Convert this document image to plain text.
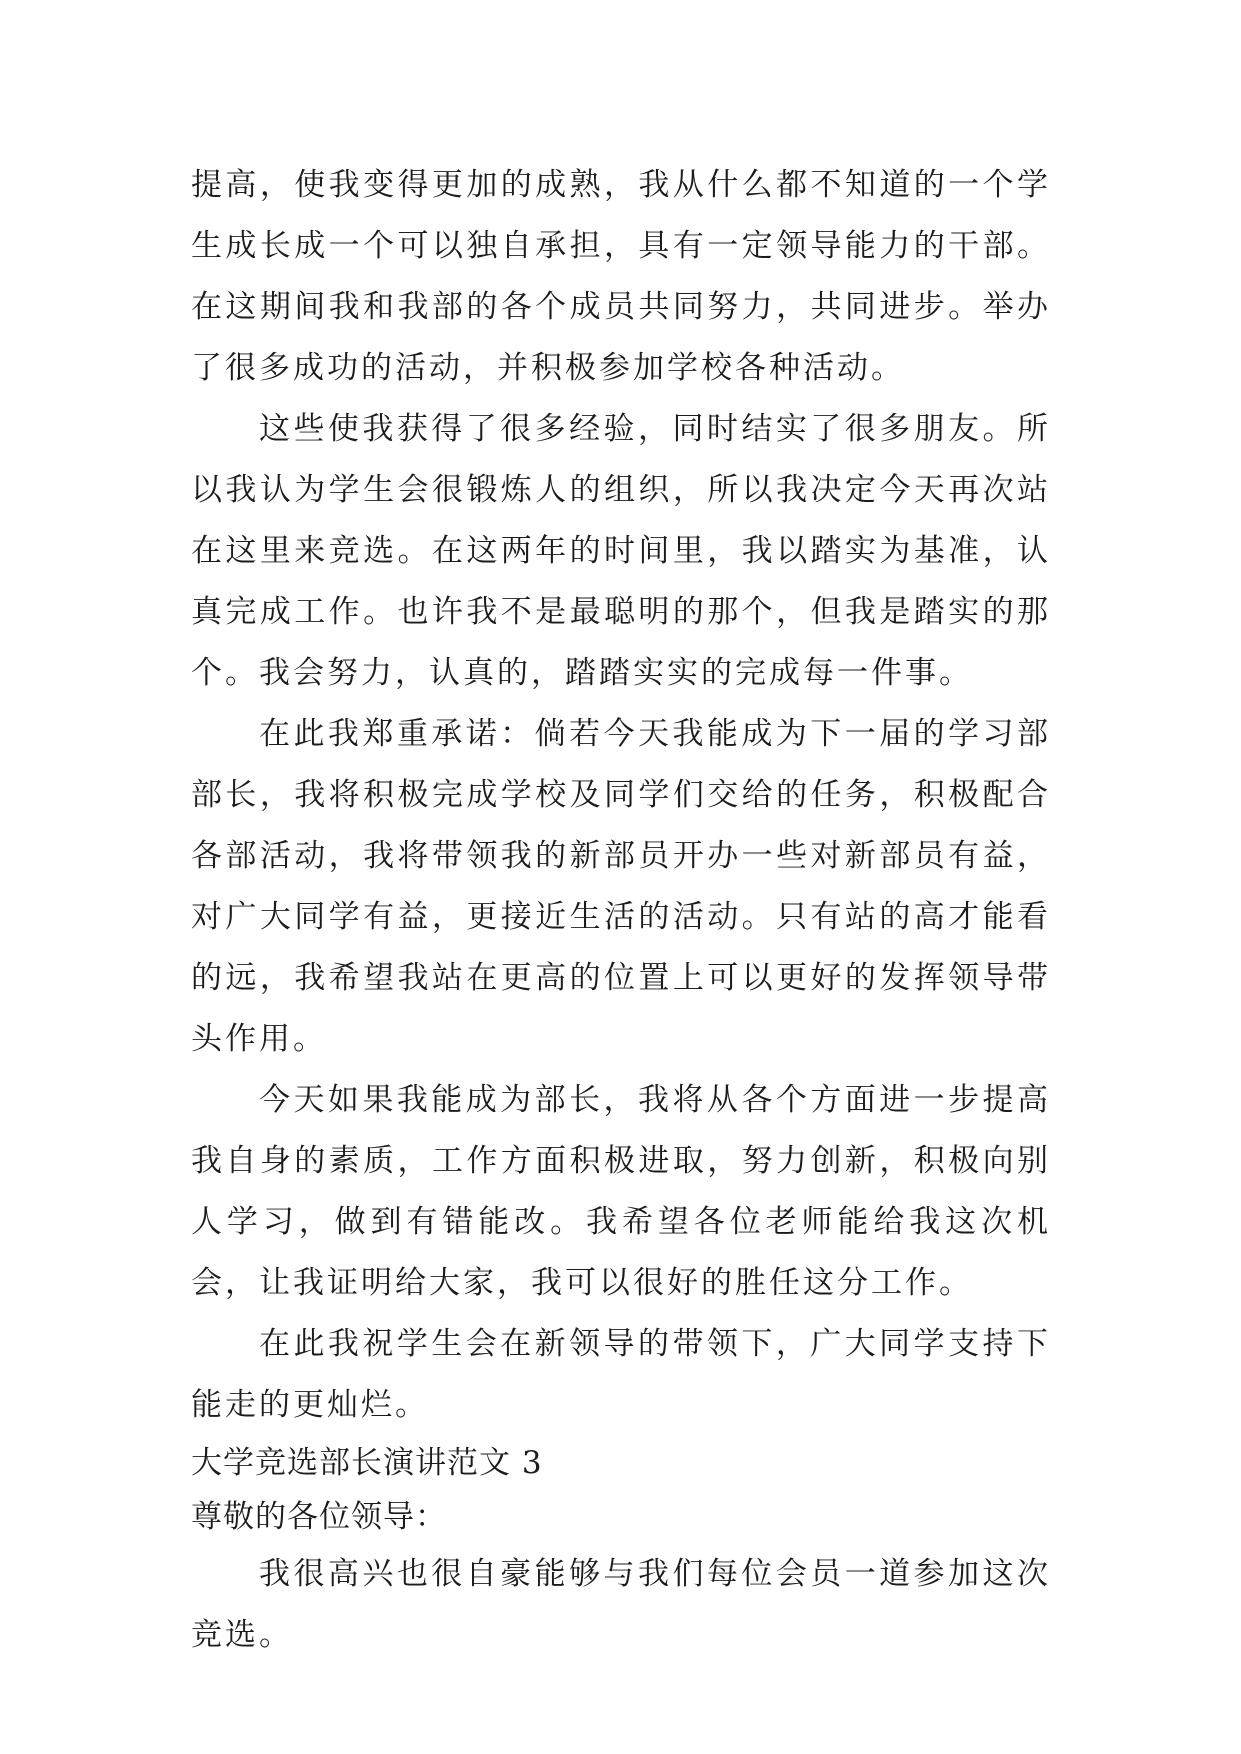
提高，使我变得更加的成熟，我从什么都不知道的一个学生成长成一个可以独自承担，具有一定领导能力的干部。在这期间我和我部的各个成员共同努力，共同进步。举办了很多成功的活动，并积极参加学校各种活动。

这些使我获得了很多经验，同时结实了很多朋友。所以我认为学生会很锻炼人的组织，所以我决定今天再次站在这里来竞选。在这两年的时间里，我以踏实为基准，认真完成工作。也许我不是最聪明的那个，但我是踏实的那个。我会努力，认真的，踏踏实实的完成每一件事。

在此我郑重承诺：倘若今天我能成为下一届的学习部部长，我将积极完成学校及同学们交给的任务，积极配合各部活动，我将带领我的新部员开办一些对新部员有益，对广大同学有益，更接近生活的活动。只有站的高才能看的远，我希望我站在更高的位置上可以更好的发挥领导带头作用。

今天如果我能成为部长，我将从各个方面进一步提高我自身的素质，工作方面积极进取，努力创新，积极向别人学习，做到有错能改。我希望各位老师能给我这次机会，让我证明给大家，我可以很好的胜任这分工作。

在此我祝学生会在新领导的带领下，广大同学支持下能走的更灿烂。

大学竞选部长演讲范文 3

尊敬的各位领导：

我很高兴也很自豪能够与我们每位会员一道参加这次竞选。
